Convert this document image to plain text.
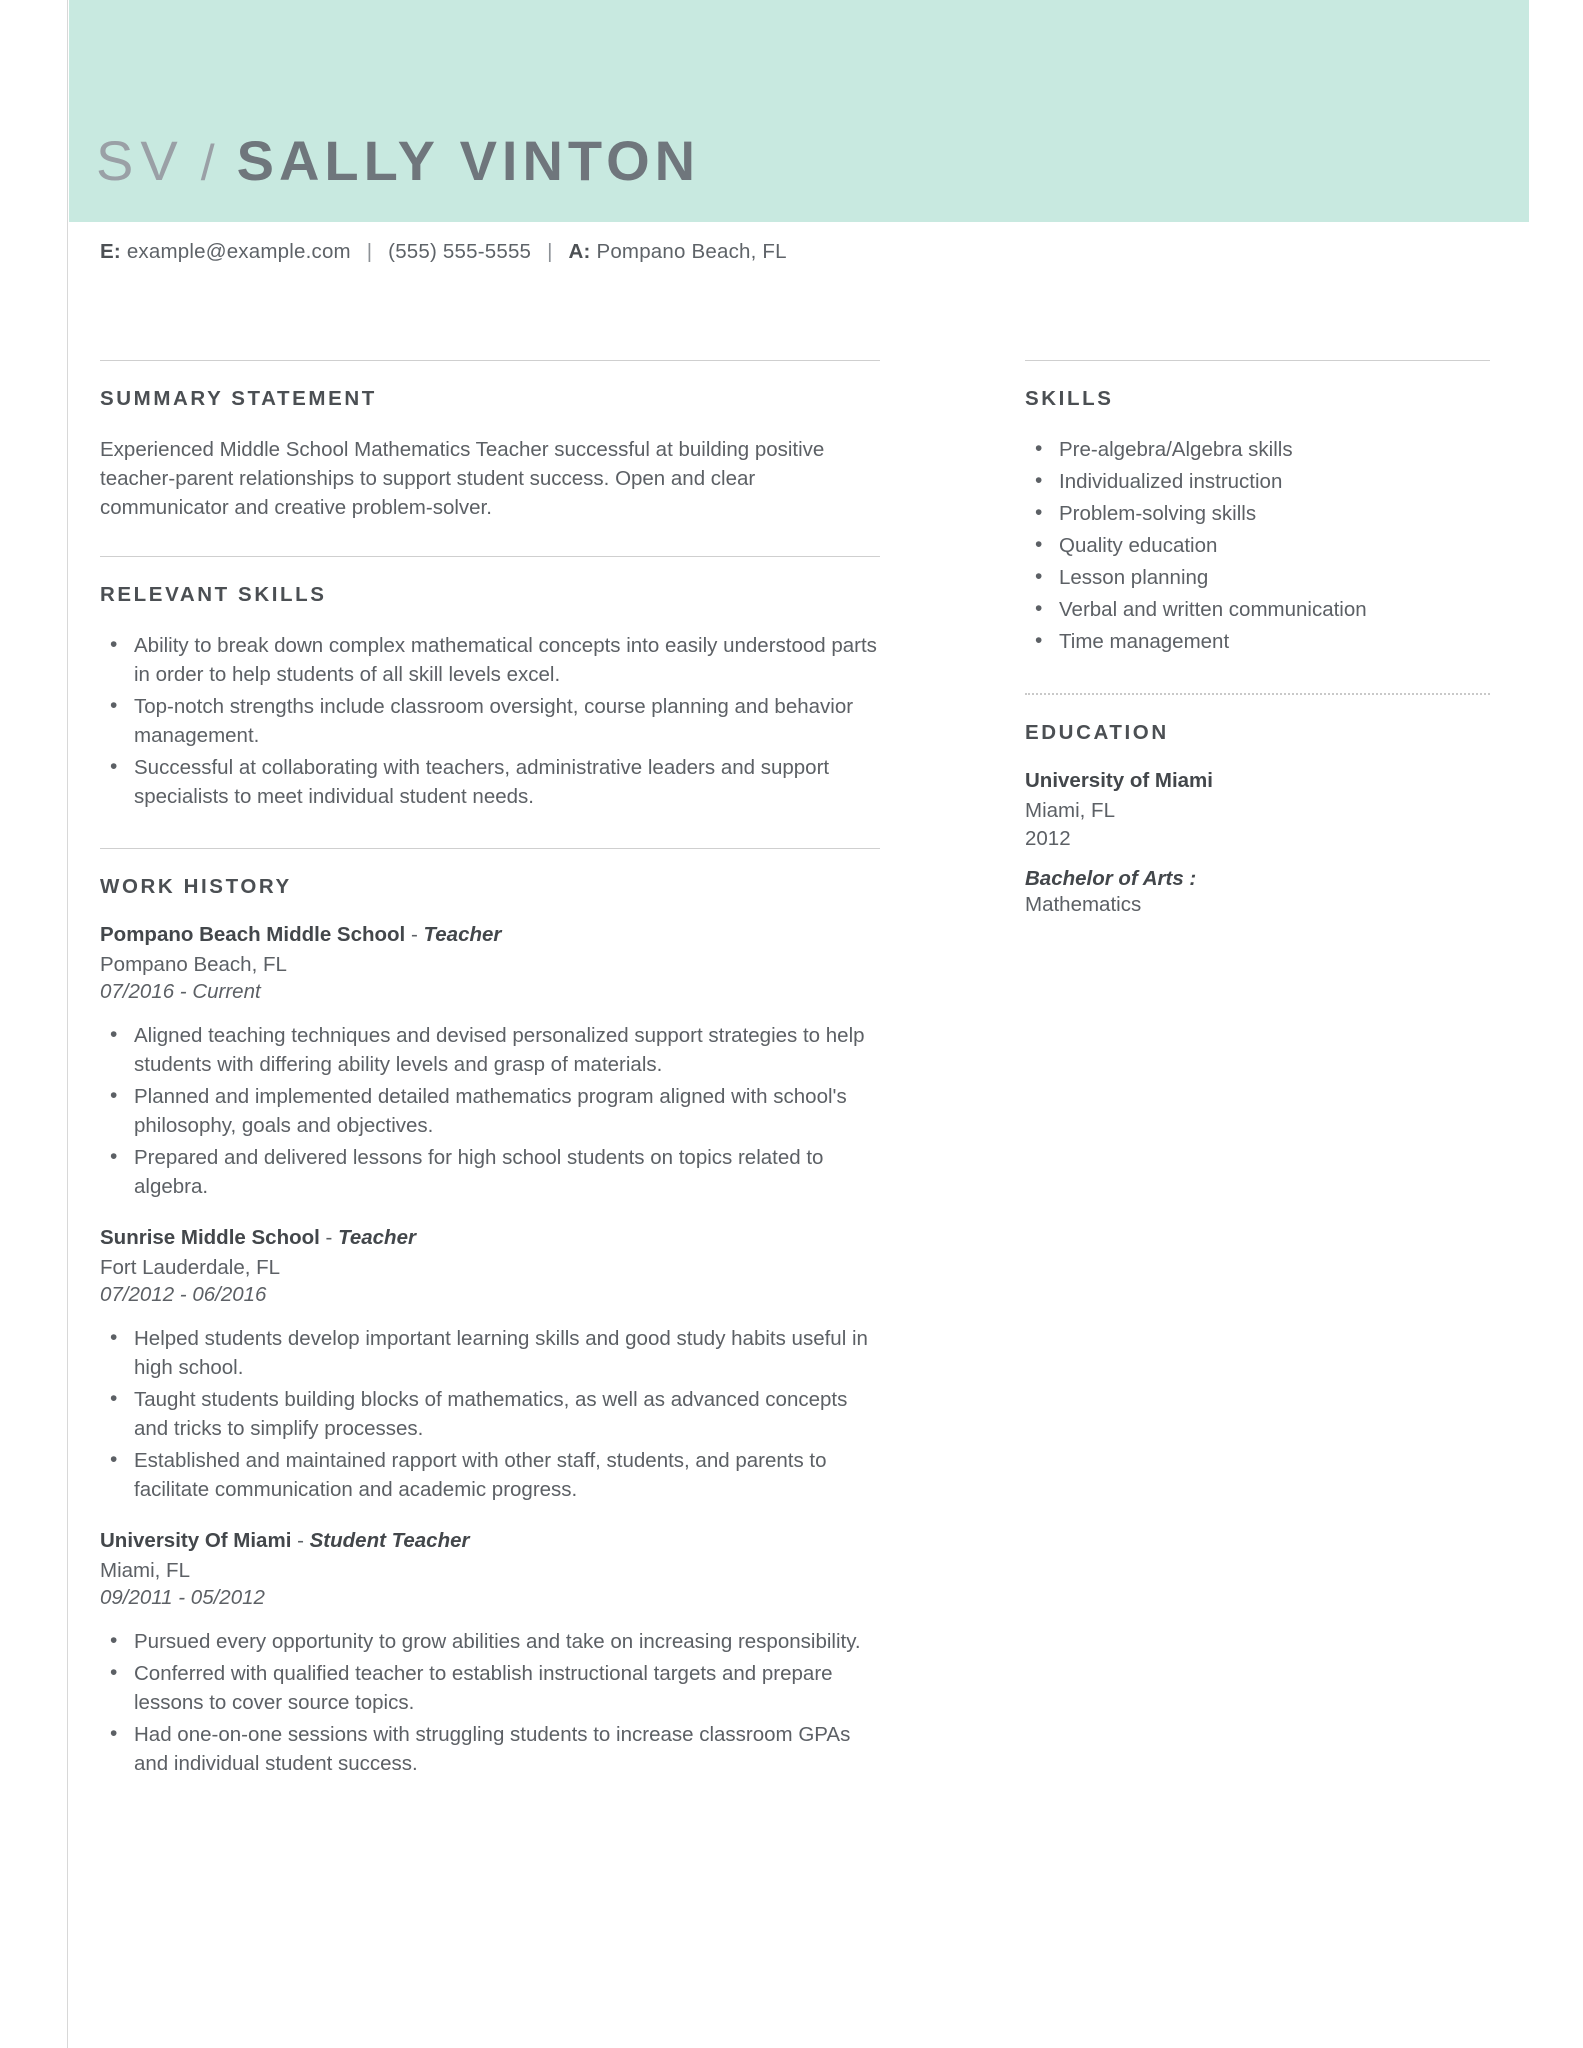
SV / SALLY VINTON
E: example@example.com | (555) 555-5555 | A: Pompano Beach, FL
SUMMARY STATEMENT
Experienced Middle School Mathematics Teacher successful at building positive teacher-parent relationships to support student success. Open and clear communicator and creative problem-solver.
RELEVANT SKILLS
• Ability to break down complex mathematical concepts into easily understood parts in order to help students of all skill levels excel.
• Top-notch strengths include classroom oversight, course planning and behavior management.
• Successful at collaborating with teachers, administrative leaders and support specialists to meet individual student needs.
WORK HISTORY
Pompano Beach Middle School - Teacher
Pompano Beach, FL
07/2016 - Current
• Aligned teaching techniques and devised personalized support strategies to help students with differing ability levels and grasp of materials.
• Planned and implemented detailed mathematics program aligned with school's philosophy, goals and objectives.
• Prepared and delivered lessons for high school students on topics related to algebra.
Sunrise Middle School - Teacher
Fort Lauderdale, FL
07/2012 - 06/2016
• Helped students develop important learning skills and good study habits useful in high school.
• Taught students building blocks of mathematics, as well as advanced concepts and tricks to simplify processes.
• Established and maintained rapport with other staff, students, and parents to facilitate communication and academic progress.
University Of Miami - Student Teacher
Miami, FL
09/2011 - 05/2012
• Pursued every opportunity to grow abilities and take on increasing responsibility.
• Conferred with qualified teacher to establish instructional targets and prepare lessons to cover source topics.
• Had one-on-one sessions with struggling students to increase classroom GPAs and individual student success.
SKILLS
• Pre-algebra/Algebra skills
• Individualized instruction
• Problem-solving skills
• Quality education
• Lesson planning
• Verbal and written communication
• Time management
EDUCATION
University of Miami
Miami, FL
2012
Bachelor of Arts :
Mathematics
